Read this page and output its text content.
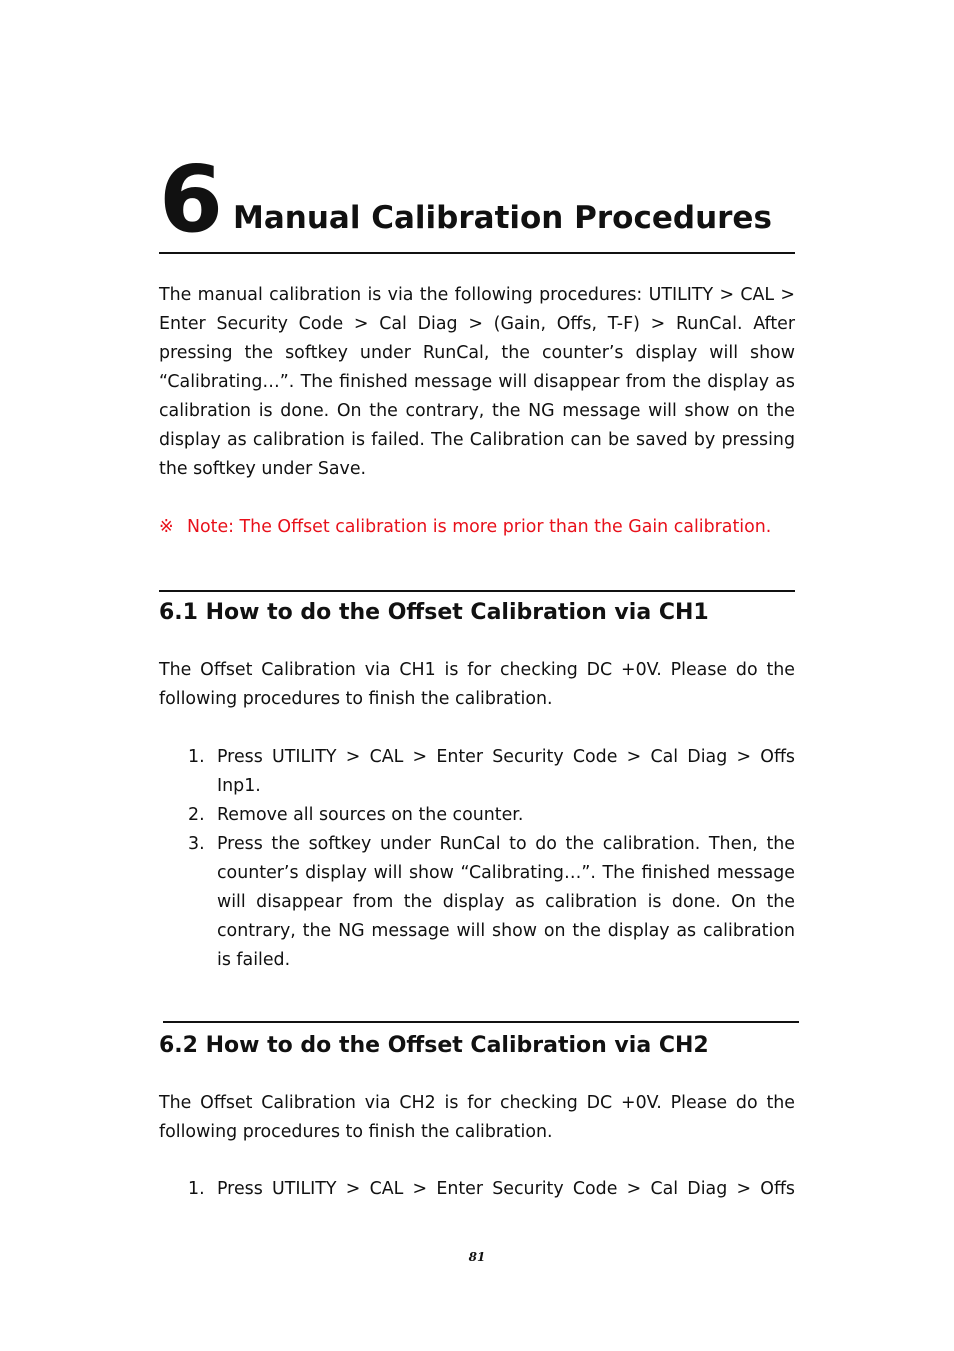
6 Manual Calibration Procedures

The manual calibration is via the following procedures: UTILITY > CAL > Enter Security Code > Cal Diag > (Gain, Offs, T-F) > RunCal. After pressing the softkey under RunCal, the counter’s display will show “Calibrating…”. The finished message will disappear from the display as calibration is done. On the contrary, the NG message will show on the display as calibration is failed. The Calibration can be saved by pressing the softkey under Save.

※ Note: The Offset calibration is more prior than the Gain calibration.

6.1 How to do the Offset Calibration via CH1

The Offset Calibration via CH1 is for checking DC +0V. Please do the following procedures to finish the calibration.

1. Press UTILITY > CAL > Enter Security Code > Cal Diag > Offs Inp1.
2. Remove all sources on the counter.
3. Press the softkey under RunCal to do the calibration. Then, the counter’s display will show “Calibrating…”. The finished message will disappear from the display as calibration is done. On the contrary, the NG message will show on the display as calibration is failed.
6.2 How to do the Offset Calibration via CH2

The Offset Calibration via CH2 is for checking DC +0V. Please do the following procedures to finish the calibration.

1. Press UTILITY > CAL > Enter Security Code > Cal Diag > Offs
81
